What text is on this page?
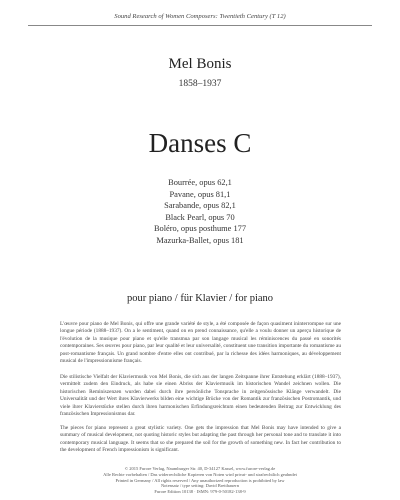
Sound Research of Women Composers: Twentieth Century (T 12)
Mel Bonis
1858–1937
Danses C
Bourrée, opus 62,1
Pavane, opus 81,1
Sarabande, opus 82,1
Black Pearl, opus 70
Boléro, opus posthume 177
Mazurka-Ballet, opus 181
pour piano / für Klavier / for piano

L'œuvre pour piano de Mel Bonis, qui offre une grande variété de style, a été composée de façon quasiment ininterrompue sur une longue période (1888–1937). On a le sentiment, quand on en prend connaissance, qu'elle a voulu donner un aperçu historique de l'évolution de la musique pour piano et qu'elle transmua par son langage musical les réminiscences du passé en sonorités contemporaines. Ses œuvres pour piano, par leur qualité et leur universalité, constituent une transition importante du romantisme au post-romantisme français. Un grand nombre d'entre elles ont contribué, par la richesse des idées harmoniques, au développement musical de l'impressionnisme français.

Die stilistische Vielfalt der Klaviermusik von Mel Bonis, die sich aus der langen Zeitspanne ihrer Entstehung erklärt (1888–1937), vermittelt zudem den Eindruck, als habe sie einen Abriss der Klaviermusik im historischen Wandel zeichnen wollen. Die historischen Reminiszenzen wurden dabei durch ihre persönliche Tonsprache in zeitgenössische Klänge verwandelt. Die Universalität und der Wert ihres Klavierwerks bilden eine wichtige Brücke von der Romantik zur französischen Postromantik, und viele ihrer Klavierstücke stellen durch ihren harmonischen Erfindungsreichtum einen bedeutenden Beitrag zur Entwicklung des französischen Impressionismus dar.

The pieces for piano represent a great stylistic variety. One gets the impression that Mel Bonis may have intended to give a summary of musical development, not quoting historic styles but adapting the past through her personal tone and to translate it into contemporary musical language. It seems that so she prepared the soil for the growth of something new. In fact her contribution to the development of French impressionism is significant.

© 2015 Furore Verlag, Naumburger Str. 40, D-34127 Kassel, www.furore-verlag.de
Alle Rechte vorbehalten / Das widerrechtliche Kopieren von Noten wird privat- und strafrechtlich geahndet
Printed in Germany / All rights reserved / Any unauthorized reproduction is prohibited by law
Notensatz / type setting: David Bretthauern
Furore Edition 10138 · ISMN: 979-0-50182-138-9
